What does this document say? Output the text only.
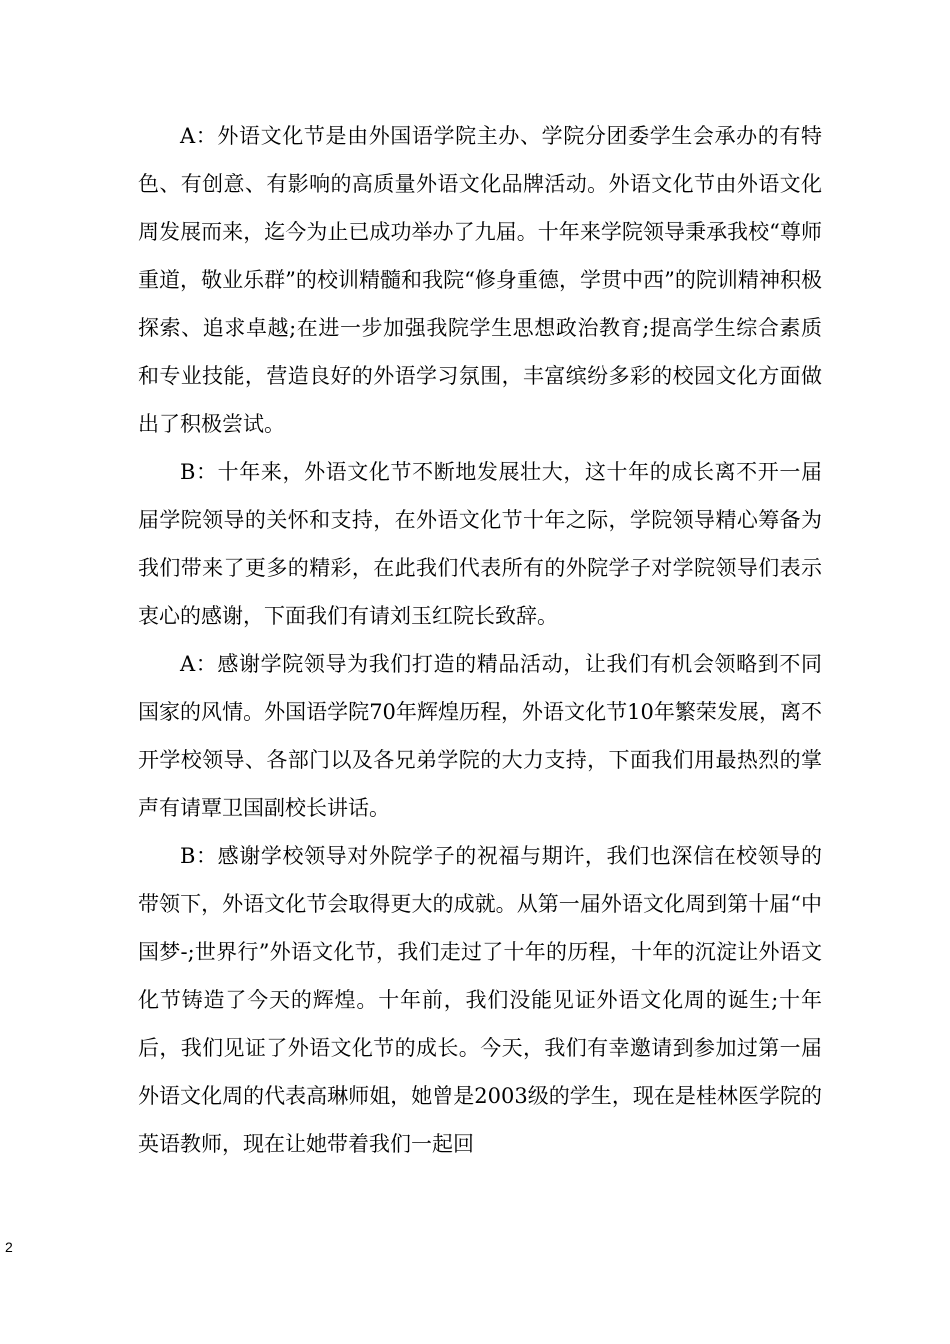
A：外语文化节是由外国语学院主办、学院分团委学生会承办的有特色、有创意、有影响的高质量外语文化品牌活动。外语文化节由外语文化周发展而来，迄今为止已成功举办了九届。十年来学院领导秉承我校“尊师重道，敬业乐群”的校训精髓和我院“修身重德，学贯中西”的院训精神积极探索、追求卓越;在进一步加强我院学生思想政治教育;提高学生综合素质和专业技能，营造良好的外语学习氛围，丰富缤纷多彩的校园文化方面做出了积极尝试。

B：十年来，外语文化节不断地发展壮大，这十年的成长离不开一届届学院领导的关怀和支持，在外语文化节十年之际，学院领导精心筹备为我们带来了更多的精彩，在此我们代表所有的外院学子对学院领导们表示衷心的感谢，下面我们有请刘玉红院长致辞。

A：感谢学院领导为我们打造的精品活动，让我们有机会领略到不同国家的风情。外国语学院70年辉煌历程，外语文化节10年繁荣发展，离不开学校领导、各部门以及各兄弟学院的大力支持，下面我们用最热烈的掌声有请覃卫国副校长讲话。

B：感谢学校领导对外院学子的祝福与期许，我们也深信在校领导的带领下，外语文化节会取得更大的成就。从第一届外语文化周到第十届“中国梦-;世界行”外语文化节，我们走过了十年的历程，十年的沉淀让外语文化节铸造了今天的辉煌。十年前，我们没能见证外语文化周的诞生;十年后，我们见证了外语文化节的成长。今天，我们有幸邀请到参加过第一届外语文化周的代表高琳师姐，她曾是2003级的学生，现在是桂林医学院的英语教师，现在让她带着我们一起回

2
